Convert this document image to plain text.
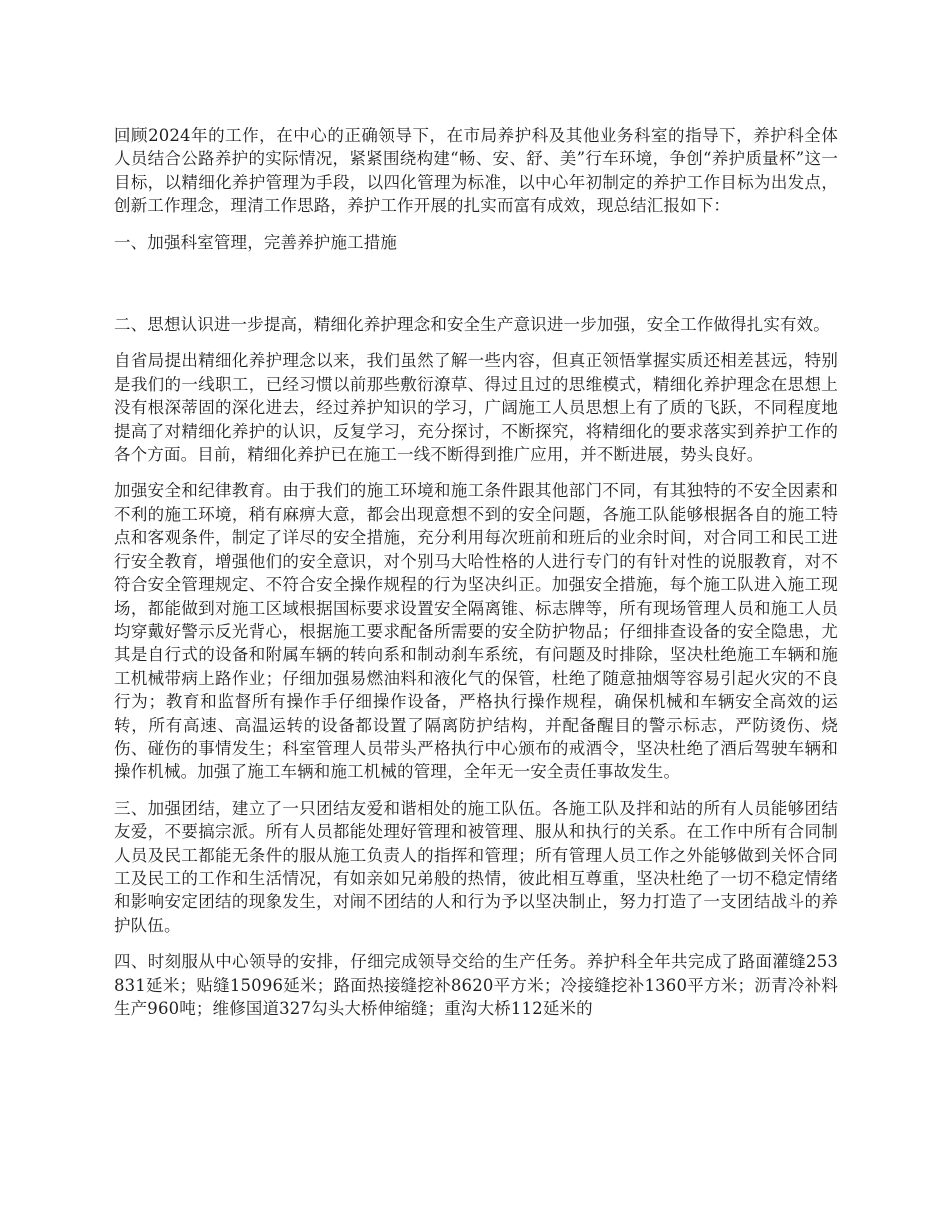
回顾2024年的工作，在中心的正确领导下，在市局养护科及其他业务科室的指导下，养护科全体人员结合公路养护的实际情况，紧紧围绕构建“畅、安、舒、美”行车环境，争创“养护质量杯”这一目标，以精细化养护管理为手段，以四化管理为标准，以中心年初制定的养护工作目标为出发点，创新工作理念，理清工作思路，养护工作开展的扎实而富有成效，现总结汇报如下：

一、加强科室管理，完善养护施工措施

二、思想认识进一步提高，精细化养护理念和安全生产意识进一步加强，安全工作做得扎实有效。

自省局提出精细化养护理念以来，我们虽然了解一些内容，但真正领悟掌握实质还相差甚远，特别是我们的一线职工，已经习惯以前那些敷衍潦草、得过且过的思维模式，精细化养护理念在思想上没有根深蒂固的深化进去，经过养护知识的学习，广阔施工人员思想上有了质的飞跃，不同程度地提高了对精细化养护的认识，反复学习，充分探讨，不断探究，将精细化的要求落实到养护工作的各个方面。目前，精细化养护已在施工一线不断得到推广应用，并不断进展，势头良好。

加强安全和纪律教育。由于我们的施工环境和施工条件跟其他部门不同，有其独特的不安全因素和不利的施工环境，稍有麻痹大意，都会出现意想不到的安全问题，各施工队能够根据各自的施工特点和客观条件，制定了详尽的安全措施，充分利用每次班前和班后的业余时间，对合同工和民工进行安全教育，增强他们的安全意识，对个别马大哈性格的人进行专门的有针对性的说服教育，对不符合安全管理规定、不符合安全操作规程的行为坚决纠正。加强安全措施，每个施工队进入施工现场，都能做到对施工区域根据国标要求设置安全隔离锥、标志牌等，所有现场管理人员和施工人员均穿戴好警示反光背心，根据施工要求配备所需要的安全防护物品；仔细排查设备的安全隐患，尤其是自行式的设备和附属车辆的转向系和制动刹车系统，有问题及时排除，坚决杜绝施工车辆和施工机械带病上路作业；仔细加强易燃油料和液化气的保管，杜绝了随意抽烟等容易引起火灾的不良行为；教育和监督所有操作手仔细操作设备，严格执行操作规程，确保机械和车辆安全高效的运转，所有高速、高温运转的设备都设置了隔离防护结构，并配备醒目的警示标志，严防烫伤、烧伤、碰伤的事情发生；科室管理人员带头严格执行中心颁布的戒酒令，坚决杜绝了酒后驾驶车辆和操作机械。加强了施工车辆和施工机械的管理，全年无一安全责任事故发生。

三、加强团结，建立了一只团结友爱和谐相处的施工队伍。各施工队及拌和站的所有人员能够团结友爱，不要搞宗派。所有人员都能处理好管理和被管理、服从和执行的关系。在工作中所有合同制人员及民工都能无条件的服从施工负责人的指挥和管理；所有管理人员工作之外能够做到关怀合同工及民工的工作和生活情况，有如亲如兄弟般的热情，彼此相互尊重，坚决杜绝了一切不稳定情绪和影响安定团结的现象发生，对闹不团结的人和行为予以坚决制止，努力打造了一支团结战斗的养护队伍。

四、时刻服从中心领导的安排，仔细完成领导交给的生产任务。养护科全年共完成了路面灌缝253831延米；贴缝15096延米；路面热接缝挖补8620平方米；冷接缝挖补1360平方米；沥青冷补料生产960吨；维修国道327勾头大桥伸缩缝；重沟大桥112延米的
